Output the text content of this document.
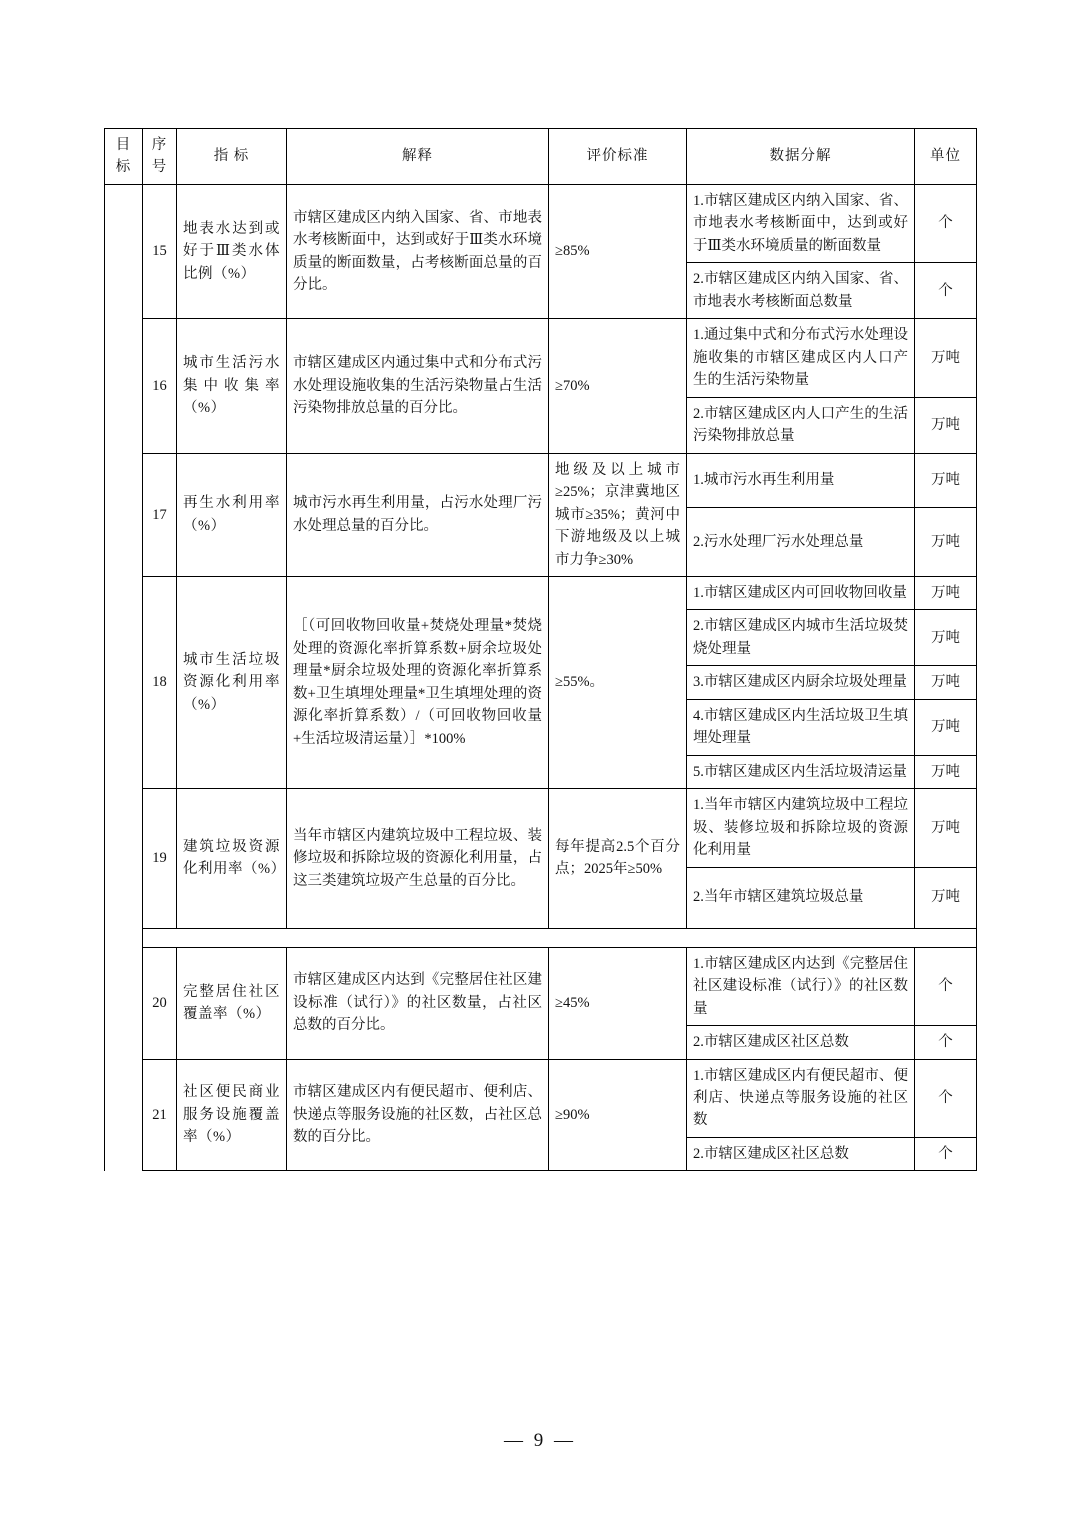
目标	序号	指 标	解释	评价标准	数据分解	单位
	15	地表水达到或好于Ⅲ类水体比例（%）	市辖区建成区内纳入国家、省、市地表水考核断面中，达到或好于Ⅲ类水环境质量的断面数量，占考核断面总量的百分比。	≥85%	1.市辖区建成区内纳入国家、省、市地表水考核断面中，达到或好于Ⅲ类水环境质量的断面数量	个
					2.市辖区建成区内纳入国家、省、市地表水考核断面总数量	个
	16	城市生活污水集中收集率（%）	市辖区建成区内通过集中式和分布式污水处理设施收集的生活污染物量占生活污染物排放总量的百分比。	≥70%	1.通过集中式和分布式污水处理设施收集的市辖区建成区内人口产生的生活污染物量	万吨
					2.市辖区建成区内人口产生的生活污染物排放总量	万吨
	17	再生水利用率（%）	城市污水再生利用量，占污水处理厂污水处理总量的百分比。	地级及以上城市≥25%；京津冀地区城市≥35%；黄河中下游地级及以上城市力争≥30%	1.城市污水再生利用量	万吨
					2.污水处理厂污水处理总量	万吨
	18	城市生活垃圾资源化利用率（%）	［（可回收物回收量+焚烧处理量*焚烧处理的资源化率折算系数+厨余垃圾处理量*厨余垃圾处理的资源化率折算系数+卫生填埋处理量*卫生填埋处理的资源化率折算系数）/（可回收物回收量+生活垃圾清运量）］*100%	≥55%。	1.市辖区建成区内可回收物回收量	万吨
					2.市辖区建成区内城市生活垃圾焚烧处理量	万吨
					3.市辖区建成区内厨余垃圾处理量	万吨
					4.市辖区建成区内生活垃圾卫生填埋处理量	万吨
					5.市辖区建成区内生活垃圾清运量	万吨
	19	建筑垃圾资源化利用率（%）	当年市辖区内建筑垃圾中工程垃圾、装修垃圾和拆除垃圾的资源化利用量，占这三类建筑垃圾产生总量的百分比。	每年提高2.5个百分点；2025年≥50%	1.当年市辖区内建筑垃圾中工程垃圾、装修垃圾和拆除垃圾的资源化利用量	万吨
					2.当年市辖区建筑垃圾总量	万吨

	20	完整居住社区覆盖率（%）	市辖区建成区内达到《完整居住社区建设标准（试行）》的社区数量，占社区总数的百分比。	≥45%	1.市辖区建成区内达到《完整居住社区建设标准（试行）》的社区数量	个
					2.市辖区建成区社区总数	个
	21	社区便民商业服务设施覆盖率（%）	市辖区建成区内有便民超市、便利店、快递点等服务设施的社区数，占社区总数的百分比。	≥90%	1.市辖区建成区内有便民超市、便利店、快递点等服务设施的社区数	个
					2.市辖区建成区社区总数	个
— 9 —
